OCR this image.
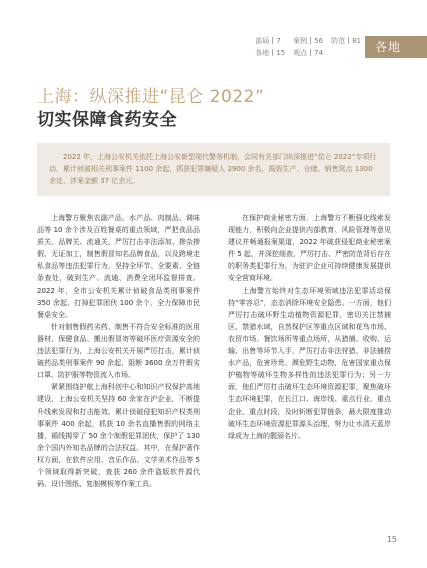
部局 7	案例 56 防范 81
各地 15 观点 74	各地
上海：纵深推进“昆仑 2022”
切实保障食药安全
2022 年，上海公安机关依托上海公安新型现代警务机制，会同有关部门纵深推进“昆仑 2022”专项行动，累计侦破相关刑事案件 1100 余起，抓获犯罪嫌疑人 2900 余名，捣毁生产、仓储、销售窝点 1300 余处，涉案金额 37 亿余元。

上海警方聚焦农副产品、水产品、肉制品、调味品等 10 余个涉及百姓餐桌的重点领域，严把食品品质关、品牌关、流通关，严厉打击非法添加、掺杂掺假、无证加工，制售假冒知名品牌食品，以及跨境走私食品等违法犯罪行为，坚持全环节、全要素、全链条查处，破到生产、流通、消费全闭环监督排查。2022 年，全市公安机关累计侦破食品类刑事案件 350 余起，打掉犯罪团伙 100 余个，全力保障市民餐桌安全。

针对制售假药劣药、制售不符合安全标准的医用器材、保健食品、搬出假冒寄等破坏医疗资源安全的违法犯罪行为，上海公安机关开展严厉打击，累计侦破药品类刑事案件 90 余起，阻断 3600 余万件假劣口罩、防护服等物资流入市场。

紧紧围绕护航上海科创中心和知识产权保护高地建设，上海公安机关坚持 60 余家在沪企业，不断提升线索发现和打击能效。累计侦破侵犯知识产权类刑事案件 400 余起，抓获 10 余名直播售假的网络主播，循线揭穿了 50 余个制假犯罪团伙，保护了 130 余个国内外知名品牌的合法权益。其中，在保护著作权方面，在软件应用、音乐作品、文学美术作品等 5 个领域取得新突破，查获 260 余件盗版软件源代码、设计图纸、复制模板等作案工具。

在保护商业秘密方面，上海警方不断强化线索发现能力，积极向企业提供内部教育、风险管理等意见建议并畅通报案渠道，2022 年破获侵犯商业秘密案件 5 起，并深挖细查，严厉打击、严密防范背后存在的职务类犯罪行为，为驻沪企业可持续健康发展提供安全营商环境。

上海警方始终对生态环境领域违法犯罪活动保持“零容忍”，态态消除环境安全隐患。一方面，他们严厉打击破坏野生动植物资源犯罪，密切关注禁捕区、禁猎水域，自然保护区等重点区域和花鸟市场、农贸市场、餐饮场所等重点场所，从猎捕、收购、运输、出售等环节入手，严厉打击非法狩猎、非法捕捞水产品，危害珍贵、濒危野生动物，危害国家重点保护植物等破坏生物多样性的违法犯罪行为；另一方面，他们严厉打击破坏生态环境资源犯罪，聚焦破坏生态环境犯罪，在长江口、海岸线、重点行业、重点企业、重点时段，及时斩断犯罪链条，最大限度推动破坏生态环境资源犯罪源头治理，努力让水清天蓝岸绿成为上海的靓丽名片。

15
